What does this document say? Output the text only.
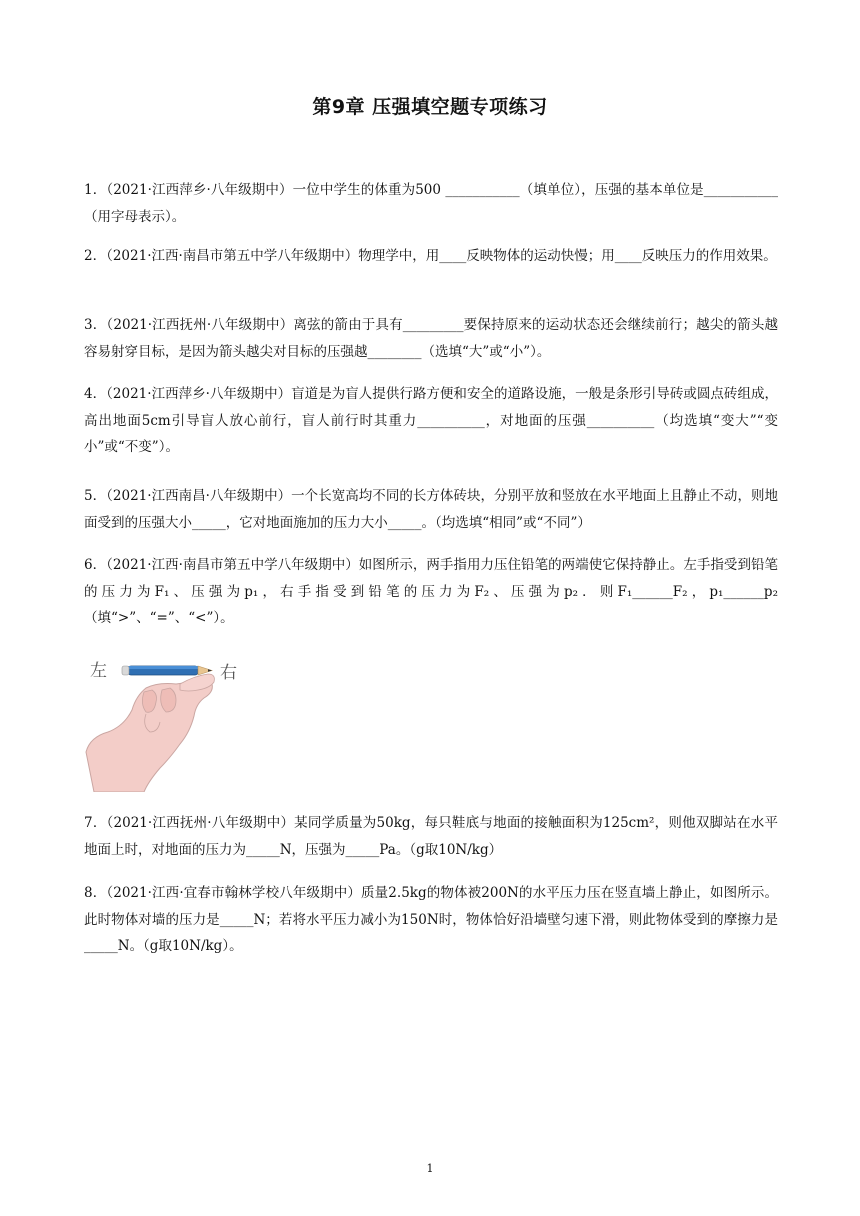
第9章 压强填空题专项练习
1．（2021·江西萍乡·八年级期中）一位中学生的体重为500 ___________（填单位），压强的基本单位是___________（用字母表示）。
2．（2021·江西·南昌市第五中学八年级期中）物理学中，用____反映物体的运动快慢；用____反映压力的作用效果。
3．（2021·江西抚州·八年级期中）离弦的箭由于具有_________要保持原来的运动状态还会继续前行；越尖的箭头越容易射穿目标，是因为箭头越尖对目标的压强越________（选填“大”或“小”）。
4．（2021·江西萍乡·八年级期中）盲道是为盲人提供行路方便和安全的道路设施，一般是条形引导砖或圆点砖组成，高出地面5cm引导盲人放心前行，盲人前行时其重力__________，对地面的压强__________（均选填“变大”“变小”或“不变”）。
5．（2021·江西南昌·八年级期中）一个长宽高均不同的长方体砖块，分别平放和竖放在水平地面上且静止不动，则地面受到的压强大小_____，它对地面施加的压力大小_____。（均选填“相同”或“不同”）
6．（2021·江西·南昌市第五中学八年级期中）如图所示，两手指用力压住铅笔的两端使它保持静止。左手指受到铅笔的压力为F₁、压强为p₁，右手指受到铅笔的压力为F₂、压强为p₂．则F₁______F₂，p₁______p₂（填“>”、“=”、“<”）。
左	右
7．（2021·江西抚州·八年级期中）某同学质量为50kg，每只鞋底与地面的接触面积为125cm²，则他双脚站在水平地面上时，对地面的压力为_____N，压强为_____Pa。（g取10N/kg）
8．（2021·江西·宜春市翰林学校八年级期中）质量2.5kg的物体被200N的水平压力压在竖直墙上静止，如图所示。此时物体对墙的压力是_____N；若将水平压力减小为150N时，物体恰好沿墙壁匀速下滑，则此物体受到的摩擦力是_____N。（g取10N/kg）。
1
